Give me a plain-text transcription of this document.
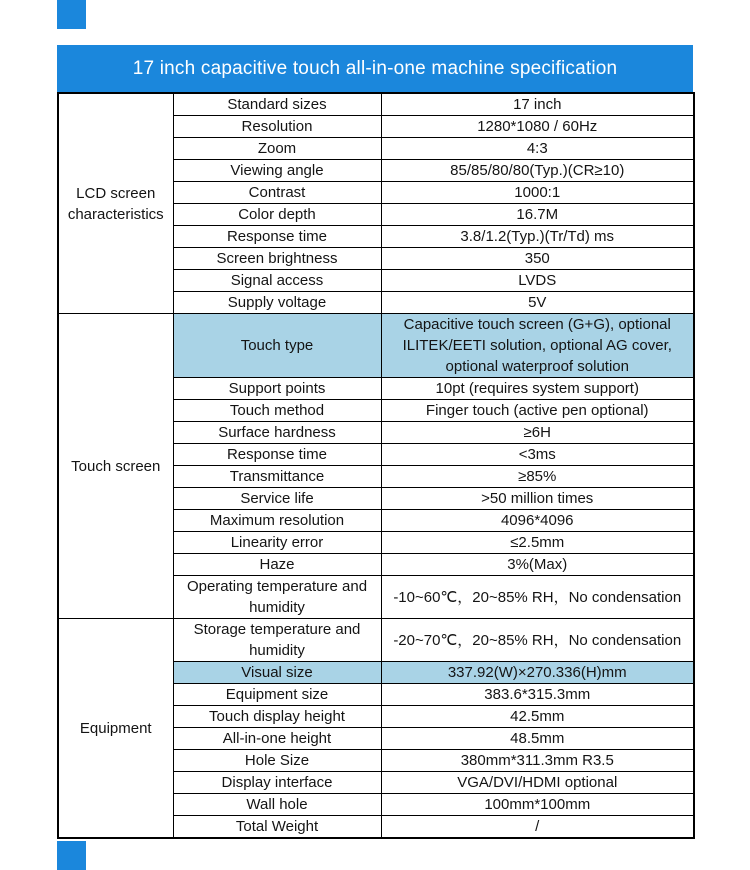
17 inch capacitive touch all-in-one machine specification
LCD screen characteristics	Standard sizes	17 inch
	Resolution	1280*1080 / 60Hz
	Zoom	4:3
	Viewing angle	85/85/80/80(Typ.)(CR≥10)
	Contrast	1000:1
	Color depth	16.7M
	Response time	3.8/1.2(Typ.)(Tr/Td) ms
	Screen brightness	350
	Signal access	LVDS
	Supply voltage	5V
Touch screen	Touch type	Capacitive touch screen (G+G), optional ILITEK/EETI solution, optional AG cover, optional waterproof solution
	Support points	10pt (requires system support)
	Touch method	Finger touch (active pen optional)
	Surface hardness	≥6H
	Response time	<3ms
	Transmittance	≥85%
	Service life	>50 million times
	Maximum resolution	4096*4096
	Linearity error	≤2.5mm
	Haze	3%(Max)
	Operating temperature and humidity	-10~60℃，20~85% RH，No condensation
Equipment	Storage temperature and humidity	-20~70℃，20~85% RH，No condensation
	Visual size	337.92(W)×270.336(H)mm
	Equipment size	383.6*315.3mm
	Touch display height	42.5mm
	All-in-one height	48.5mm
	Hole Size	380mm*311.3mm R3.5
	Display interface	VGA/DVI/HDMI optional
	Wall hole	100mm*100mm
	Total Weight	/
